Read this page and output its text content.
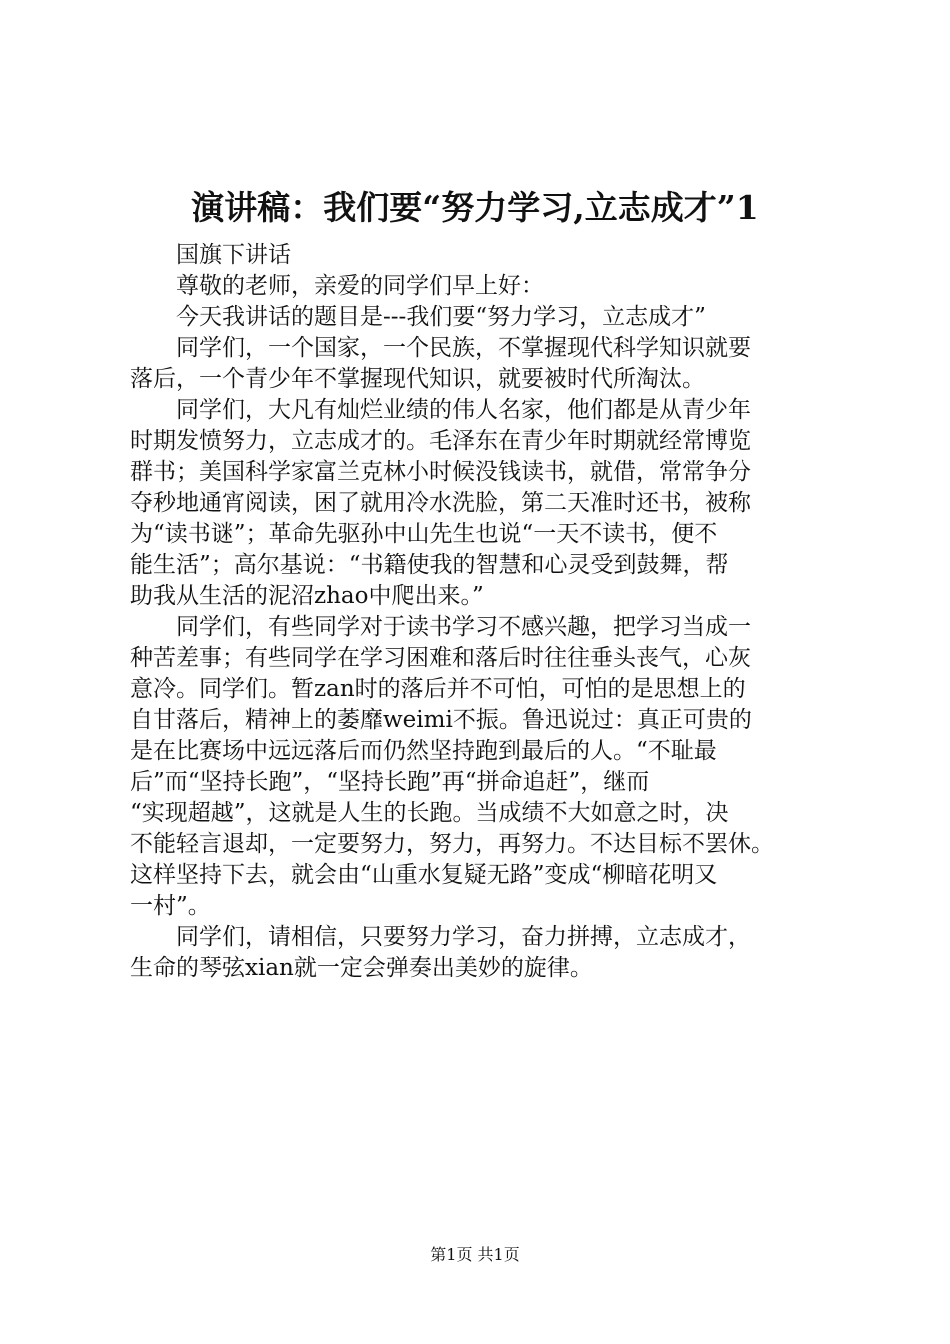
演讲稿：我们要“努力学习,立志成才”1

国旗下讲话

尊敬的老师，亲爱的同学们早上好：

今天我讲话的题目是---我们要“努力学习，立志成才”

同学们，一个国家，一个民族，不掌握现代科学知识就要
落后，一个青少年不掌握现代知识，就要被时代所淘汰。

同学们，大凡有灿烂业绩的伟人名家，他们都是从青少年
时期发愤努力，立志成才的。毛泽东在青少年时期就经常博览
群书；美国科学家富兰克林小时候没钱读书，就借，常常争分
夺秒地通宵阅读，困了就用冷水洗脸，第二天准时还书，被称
为“读书谜”；革命先驱孙中山先生也说“一天不读书，便不
能生活”；高尔基说：“书籍使我的智慧和心灵受到鼓舞，帮
助我从生活的泥沼zhao中爬出来。”

同学们，有些同学对于读书学习不感兴趣，把学习当成一
种苦差事；有些同学在学习困难和落后时往往垂头丧气，心灰
意冷。同学们。暂zan时的落后并不可怕，可怕的是思想上的
自甘落后，精神上的萎靡weimi不振。鲁迅说过：真正可贵的
是在比赛场中远远落后而仍然坚持跑到最后的人。“不耻最
后”而“坚持长跑”，“坚持长跑”再“拼命追赶”，继而
“实现超越”，这就是人生的长跑。当成绩不大如意之时，决
不能轻言退却，一定要努力，努力，再努力。不达目标不罢休。
这样坚持下去，就会由“山重水复疑无路”变成“柳暗花明又
一村”。

同学们，请相信，只要努力学习，奋力拼搏，立志成才，
生命的琴弦xian就一定会弹奏出美妙的旋律。

第1页 共1页
